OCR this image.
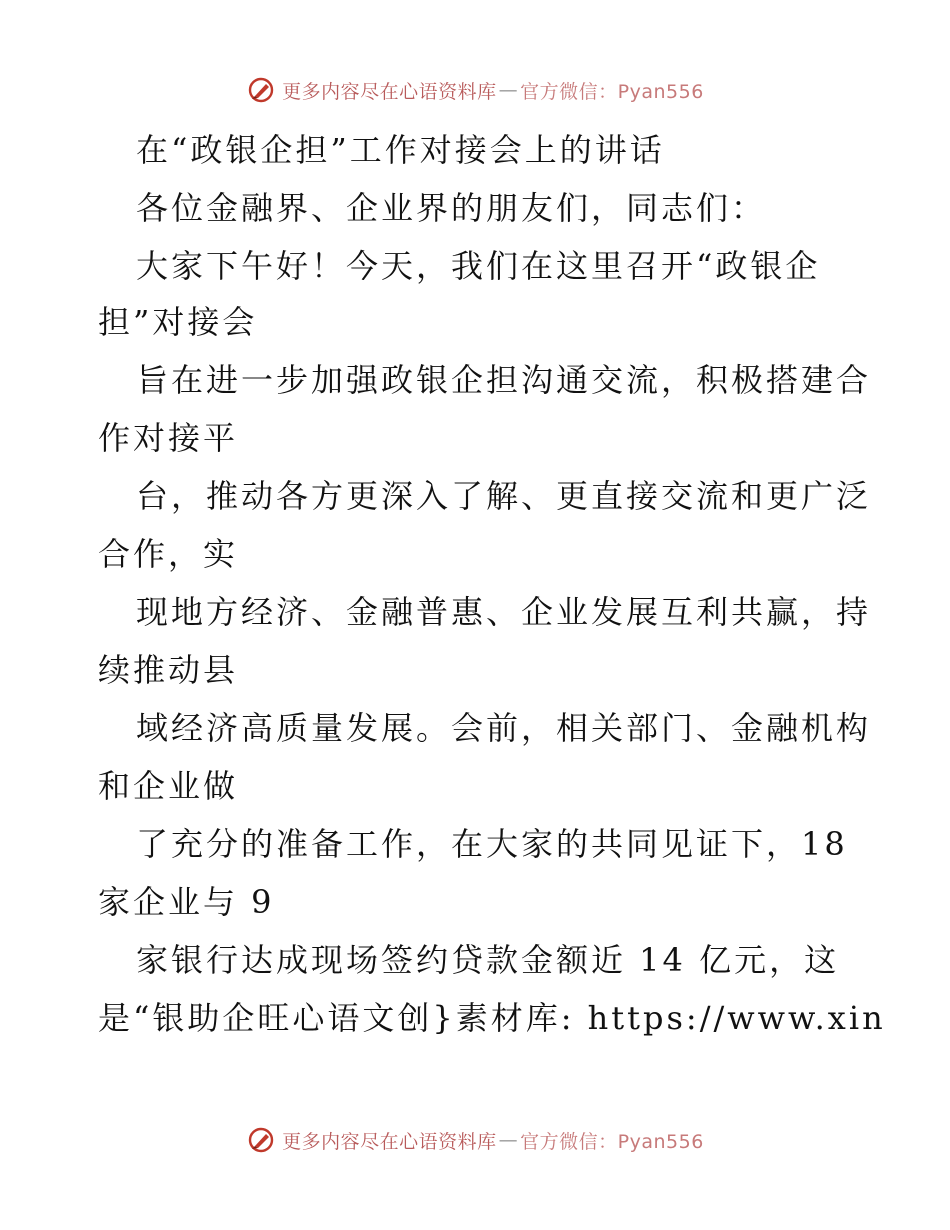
更多内容尽在心语资料库 — 官方微信：Pyan556
在“政银企担”工作对接会上的讲话
各位金融界、企业界的朋友们，同志们：
大家下午好！今天，我们在这里召开“政银企
担”对接会
旨在进一步加强政银企担沟通交流，积极搭建合
作对接平
台，推动各方更深入了解、更直接交流和更广泛
合作，实
现地方经济、金融普惠、企业发展互利共赢，持
续推动县
域经济高质量发展。会前，相关部门、金融机构
和企业做
了充分的准备工作，在大家的共同见证下，18
家企业与 9
家银行达成现场签约贷款金额近 14 亿元，这
是“银助企旺心语文创}素材库: https://www.xin
更多内容尽在心语资料库 — 官方微信：Pyan556
